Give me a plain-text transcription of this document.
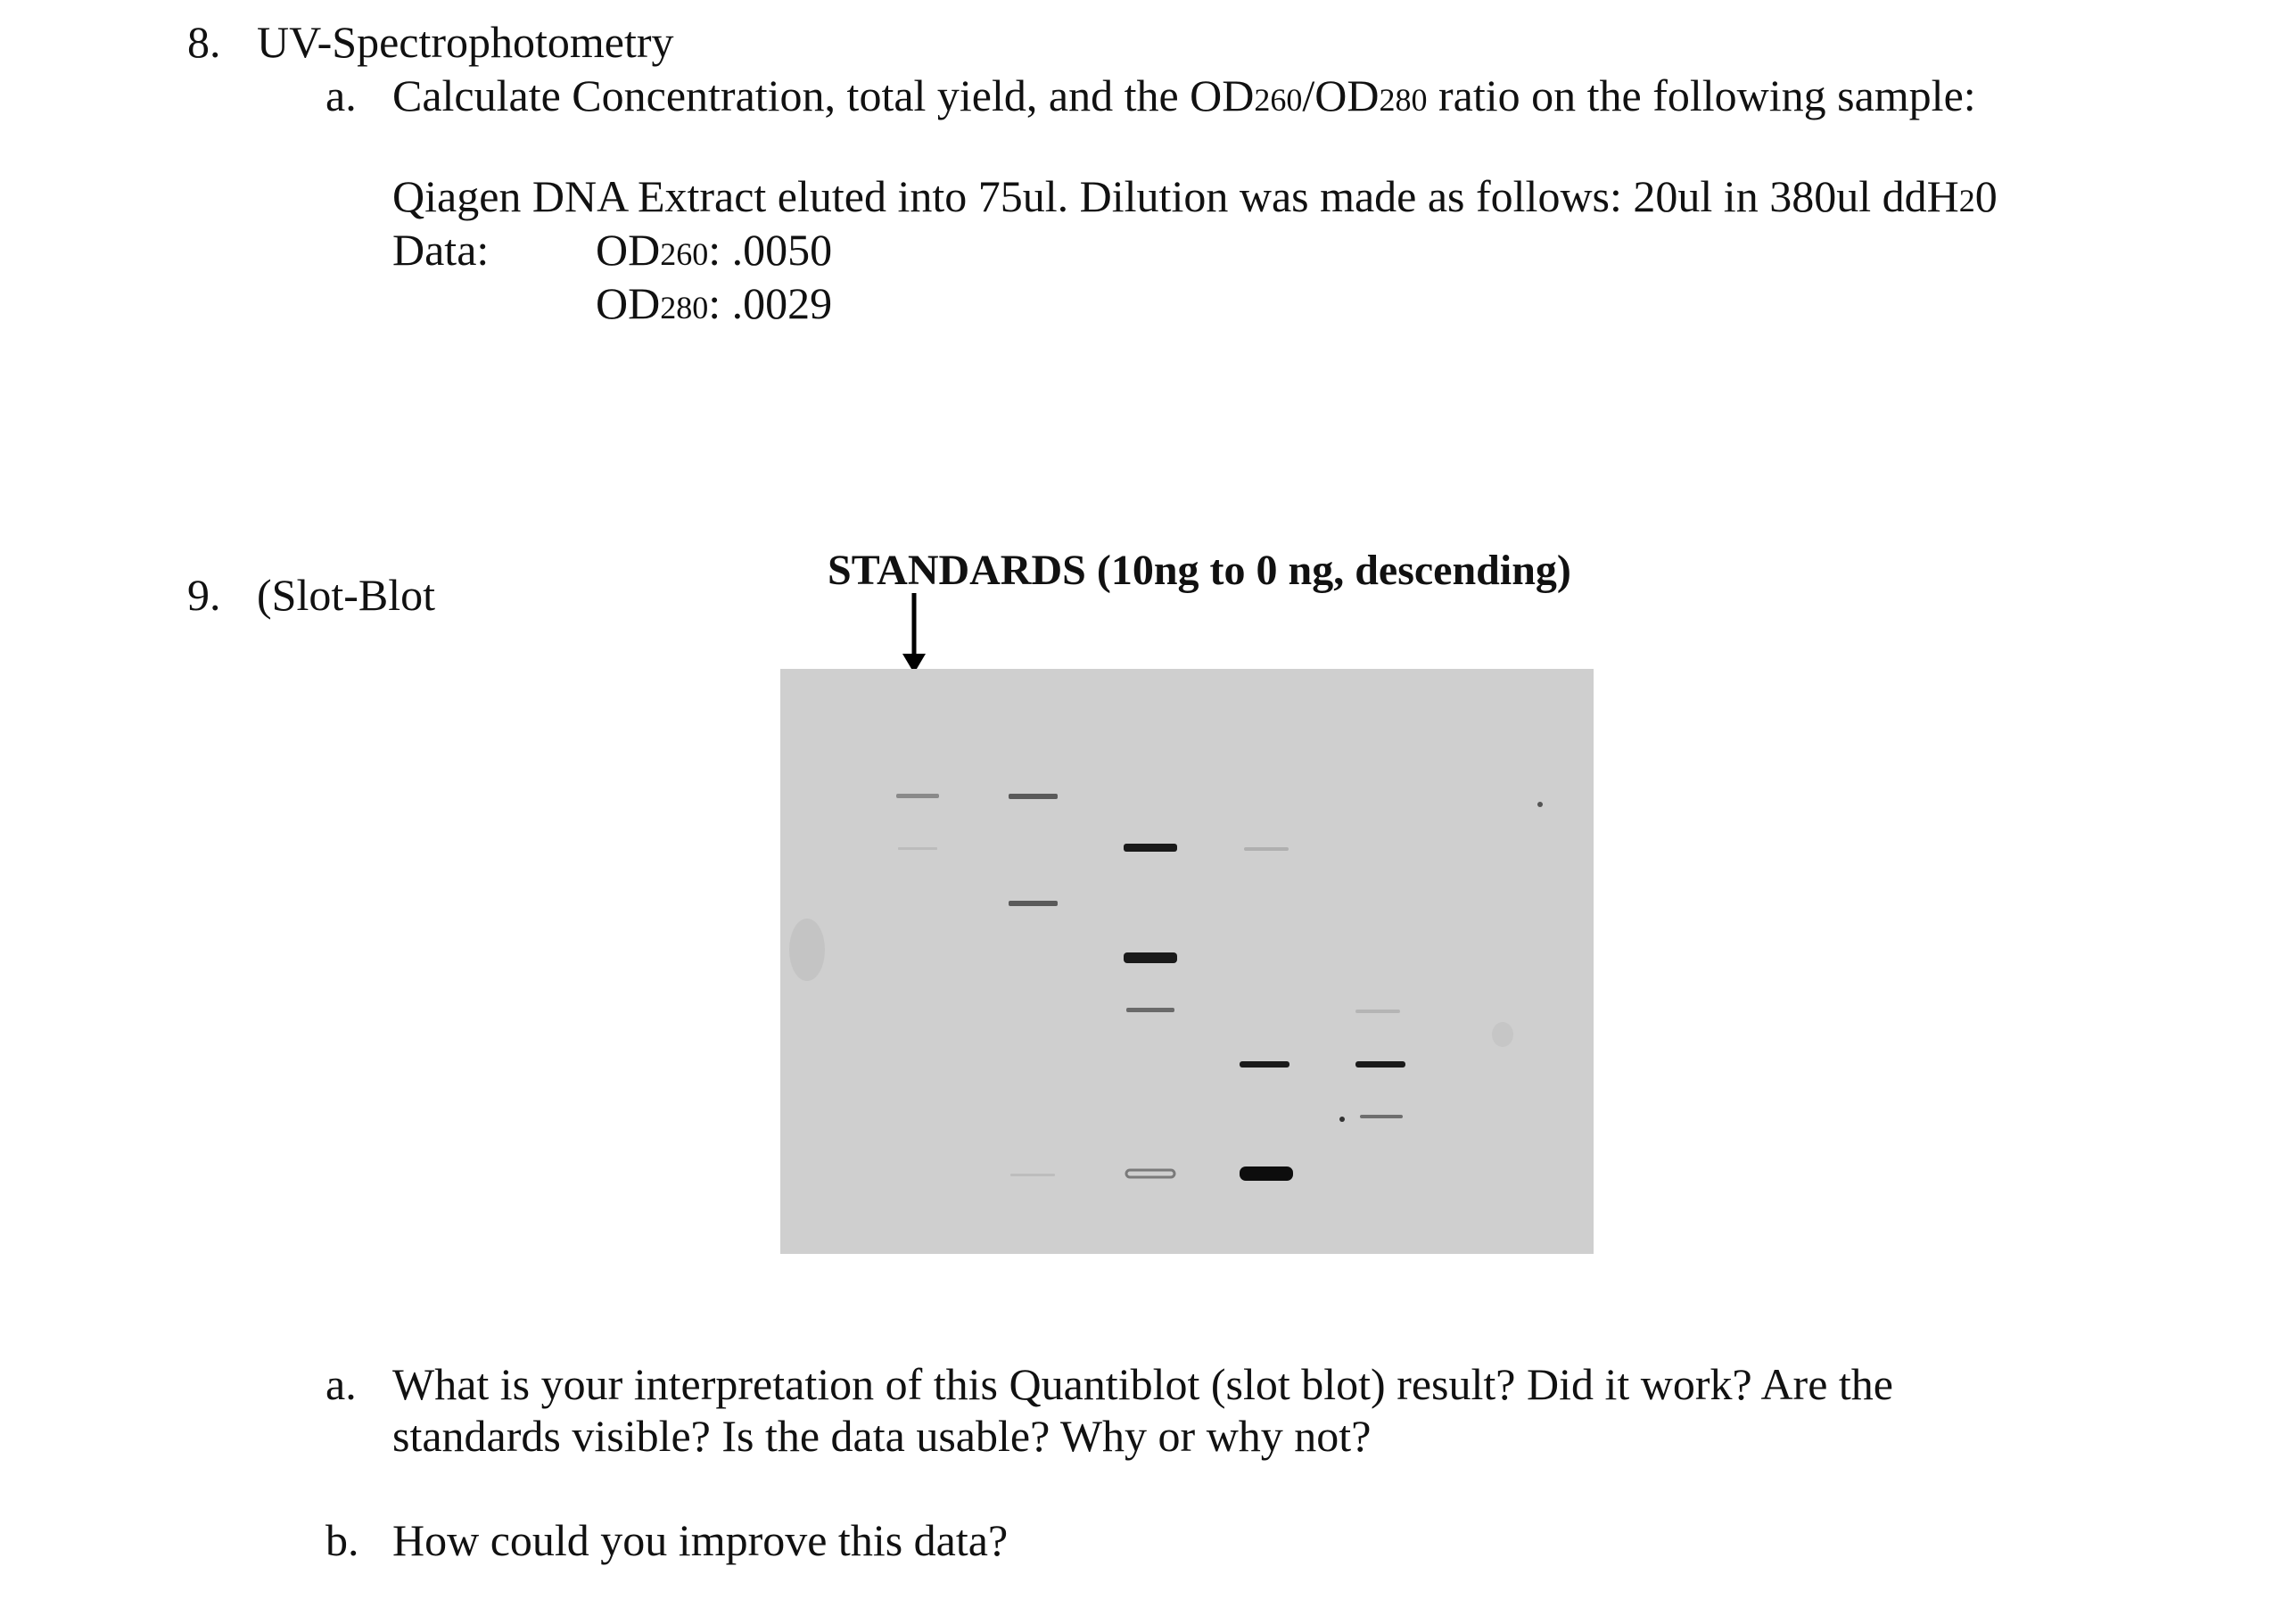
8. UV-Spectrophotometry
a. Calculate Concentration, total yield, and the OD260/OD280 ratio on the following sample:
Qiagen DNA Extract eluted into 75ul. Dilution was made as follows: 20ul in 380ul ddH20
Data: OD260: .0050
OD280: .0029
9. (Slot-Blot	STANDARDS (10ng to 0 ng, descending)
a. What is your interpretation of this Quantiblot (slot blot) result? Did it work? Are the
standards visible? Is the data usable? Why or why not?
b. How could you improve this data?
